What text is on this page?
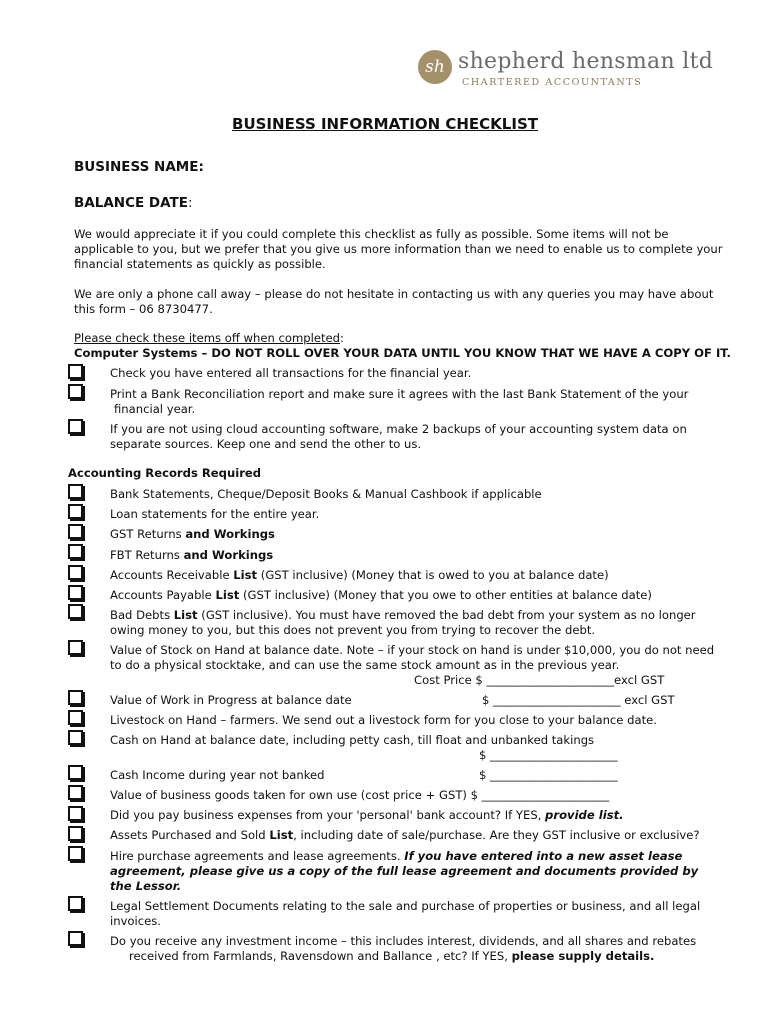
sh shepherd hensman ltd
CHARTERED ACCOUNTANTS
BUSINESS INFORMATION CHECKLIST
BUSINESS NAME:
BALANCE DATE:
We would appreciate it if you could complete this checklist as fully as possible. Some items will not be applicable to you, but we prefer that you give us more information than we need to enable us to complete your financial statements as quickly as possible.
We are only a phone call away – please do not hesitate in contacting us with any queries you may have about this form – 06 8730477.
Please check these items off when completed:
Computer Systems – DO NOT ROLL OVER YOUR DATA UNTIL YOU KNOW THAT WE HAVE A COPY OF IT.
Check you have entered all transactions for the financial year.
Print a Bank Reconciliation report and make sure it agrees with the last Bank Statement of the your
financial year.
If you are not using cloud accounting software, make 2 backups of your accounting system data on separate sources. Keep one and send the other to us.
Accounting Records Required
Bank Statements, Cheque/Deposit Books & Manual Cashbook if applicable
Loan statements for the entire year.
GST Returns and Workings
FBT Returns and Workings
Accounts Receivable List (GST inclusive) (Money that is owed to you at balance date)
Accounts Payable List (GST inclusive) (Money that you owe to other entities at balance date)
Bad Debts List (GST inclusive). You must have removed the bad debt from your system as no longer owing money to you, but this does not prevent you from trying to recover the debt.
Value of Stock on Hand at balance date. Note – if your stock on hand is under $10,000, you do not need to do a physical stocktake, and can use the same stock amount as in the previous year.
Cost Price $ ______________________excl GST
Value of Work in Progress at balance date	$ ______________________ excl GST
Livestock on Hand – farmers. We send out a livestock form for you close to your balance date.
Cash on Hand at balance date, including petty cash, till float and unbanked takings
$ ______________________
Cash Income during year not banked	$ ______________________
Value of business goods taken for own use (cost price + GST) $ ______________________
Did you pay business expenses from your 'personal' bank account? If YES, provide list.
Assets Purchased and Sold List, including date of sale/purchase. Are they GST inclusive or exclusive?
Hire purchase agreements and lease agreements. If you have entered into a new asset lease agreement, please give us a copy of the full lease agreement and documents provided by the Lessor.
Legal Settlement Documents relating to the sale and purchase of properties or business, and all legal invoices.
Do you receive any investment income – this includes interest, dividends, and all shares and rebates
received from Farmlands, Ravensdown and Ballance , etc? If YES, please supply details.
